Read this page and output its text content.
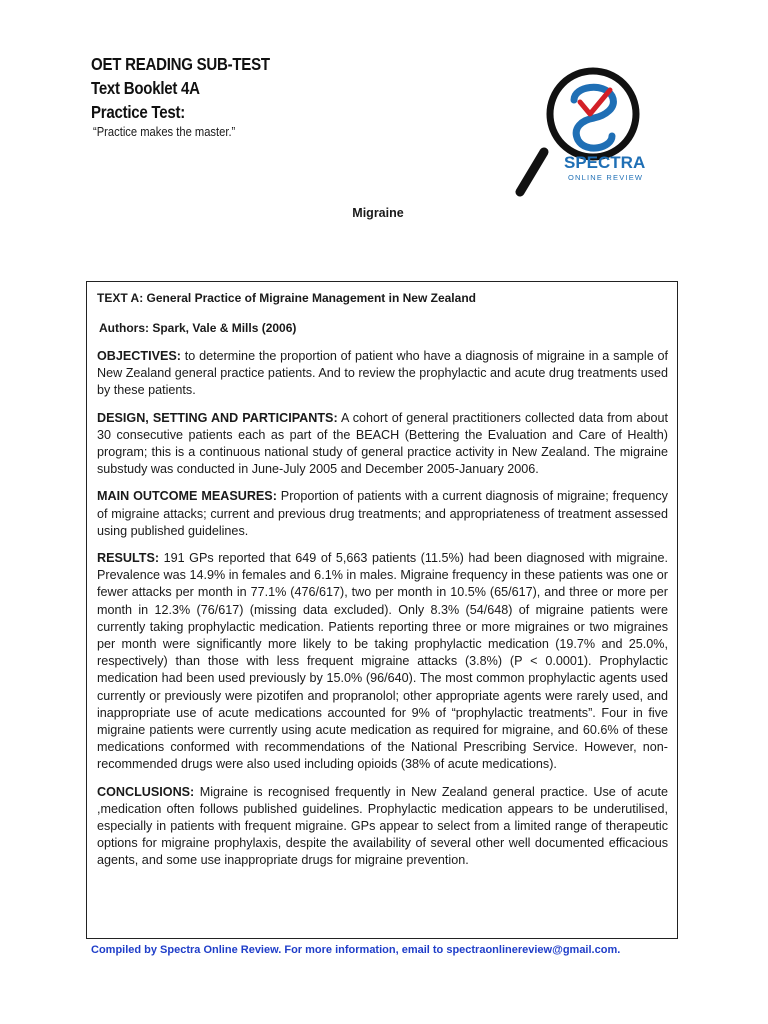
OET READING SUB-TEST
Text Booklet 4A
Practice Test:
“Practice makes the master.”
SPECTRA
ONLINE REVIEW
Migraine
TEXT A: General Practice of Migraine Management in New Zealand
Authors: Spark, Vale & Mills (2006)

OBJECTIVES: to determine the proportion of patient who have a diagnosis of migraine in a sample of New Zealand general practice patients. And to review the prophylactic and acute drug treatments used by these patients.

DESIGN, SETTING AND PARTICIPANTS: A cohort of general practitioners collected data from about 30 consecutive patients each as part of the BEACH (Bettering the Evaluation and Care of Health) program; this is a continuous national study of general practice activity in New Zealand. The migraine substudy was conducted in June-July 2005 and December 2005-January 2006.

MAIN OUTCOME MEASURES: Proportion of patients with a current diagnosis of migraine; frequency of migraine attacks; current and previous drug treatments; and appropriateness of treatment assessed using published guidelines.

RESULTS: 191 GPs reported that 649 of 5,663 patients (11.5%) had been diagnosed with migraine. Prevalence was 14.9% in females and 6.1% in males. Migraine frequency in these patients was one or fewer attacks per month in 77.1% (476/617), two per month in 10.5% (65/617), and three or more per month in 12.3% (76/617) (missing data excluded). Only 8.3% (54/648) of migraine patients were currently taking prophylactic medication. Patients reporting three or more migraines or two migraines per month were significantly more likely to be taking prophylactic medication (19.7% and 25.0%, respectively) than those with less frequent migraine attacks (3.8%) (P < 0.0001). Prophylactic medication had been used previously by 15.0% (96/640). The most common prophylactic agents used currently or previously were pizotifen and propranolol; other appropriate agents were rarely used, and inappropriate use of acute medications accounted for 9% of “prophylactic treatments”. Four in five migraine patients were currently using acute medication as required for migraine, and 60.6% of these medications conformed with recommendations of the National Prescribing Service. However, non-recommended drugs were also used including opioids (38% of acute medications).

CONCLUSIONS: Migraine is recognised frequently in New Zealand general practice. Use of acute ,medication often follows published guidelines. Prophylactic medication appears to be underutilised, especially in patients with frequent migraine. GPs appear to select from a limited range of therapeutic options for migraine prophylaxis, despite the availability of several other well documented efficacious agents, and some use inappropriate drugs for migraine prevention.

Compiled by Spectra Online Review. For more information, email to spectraonlinereview@gmail.com.
